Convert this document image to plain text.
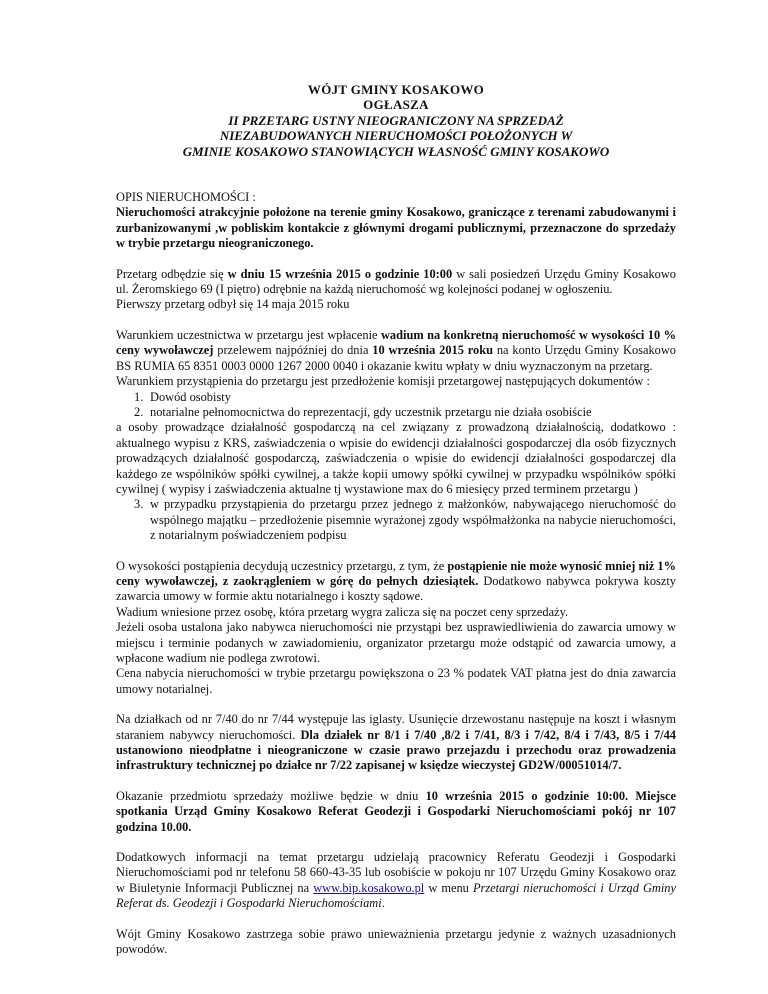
WÓJT GMINY KOSAKOWO
OGŁASZA
II PRZETARG USTNY NIEOGRANICZONY NA SPRZEDAŻ
NIEZABUDOWANYCH NIERUCHOMOŚCI POŁOŻONYCH W
GMINIE KOSAKOWO STANOWIĄCYCH WŁASNOŚĆ GMINY KOSAKOWO

OPIS NIERUCHOMOŚCI :
Nieruchomości atrakcyjnie położone na terenie gminy Kosakowo, graniczące z terenami zabudowanymi i zurbanizowanymi ,w pobliskim kontakcie z głównymi drogami publicznymi, przeznaczone do sprzedaży w trybie przetargu nieograniczonego.

Przetarg odbędzie się w dniu 15 września 2015 o godzinie 10:00 w sali posiedzeń Urzędu Gminy Kosakowo ul. Żeromskiego 69 (I piętro) odrębnie na każdą nieruchomość wg kolejności podanej w ogłoszeniu.
Pierwszy przetarg odbył się 14 maja 2015 roku

Warunkiem uczestnictwa w przetargu jest wpłacenie wadium na konkretną nieruchomość w wysokości 10 % ceny wywoławczej przelewem najpóźniej do dnia 10 września 2015 roku na konto Urzędu Gminy Kosakowo BS RUMIA 65 8351 0003 0000 1267 2000 0040 i okazanie kwitu wpłaty w dniu wyznaczonym na przetarg.
Warunkiem przystąpienia do przetargu jest przedłożenie komisji przetargowej następujących dokumentów :
1. Dowód osobisty
2. notarialne pełnomocnictwa do reprezentacji, gdy uczestnik przetargu nie działa osobiście
a osoby prowadzące działalność gospodarczą na cel związany z prowadzoną działalnością, dodatkowo : aktualnego wypisu z KRS, zaświadczenia o wpisie do ewidencji działalności gospodarczej dla osób fizycznych prowadzących działalność gospodarczą, zaświadczenia o wpisie do ewidencji działalności gospodarczej dla każdego ze wspólników spółki cywilnej, a także kopii umowy spółki cywilnej w przypadku wspólników spółki cywilnej ( wypisy i zaświadczenia aktualne tj wystawione max do 6 miesięcy przed terminem przetargu )
3. w przypadku przystąpienia do przetargu przez jednego z małżonków, nabywającego nieruchomość do wspólnego majątku – przedłożenie pisemnie wyrażonej zgody współmałżonka na nabycie nieruchomości, z notarialnym poświadczeniem podpisu

O wysokości postąpienia decydują uczestnicy przetargu, z tym, że postąpienie nie może wynosić mniej niż 1% ceny wywoławczej, z zaokrągleniem w górę do pełnych dziesiątek. Dodatkowo nabywca pokrywa koszty zawarcia umowy w formie aktu notarialnego i koszty sądowe.
Wadium wniesione przez osobę, która przetarg wygra zalicza się na poczet ceny sprzedaży.
Jeżeli osoba ustalona jako nabywca nieruchomości nie przystąpi bez usprawiedliwienia do zawarcia umowy w miejscu i terminie podanych w zawiadomieniu, organizator przetargu może odstąpić od zawarcia umowy, a wpłacone wadium nie podlega zwrotowi.
Cena nabycia nieruchomości w trybie przetargu powiększona o 23 % podatek VAT płatna jest do dnia zawarcia umowy notarialnej.

Na działkach od nr 7/40 do nr 7/44 występuje las iglasty. Usunięcie drzewostanu następuje na koszt i własnym staraniem nabywcy nieruchomości. Dla działek nr 8/1 i 7/40 ,8/2 i 7/41, 8/3 i 7/42, 8/4 i 7/43, 8/5 i 7/44 ustanowiono nieodpłatne i nieograniczone w czasie prawo przejazdu i przechodu oraz prowadzenia infrastruktury technicznej po działce nr 7/22 zapisanej w księdze wieczystej GD2W/00051014/7.

Okazanie przedmiotu sprzedaży możliwe będzie w dniu 10 września 2015 o godzinie 10:00. Miejsce spotkania Urząd Gminy Kosakowo Referat Geodezji i Gospodarki Nieruchomościami pokój nr 107 godzina 10.00.

Dodatkowych informacji na temat przetargu udzielają pracownicy Referatu Geodezji i Gospodarki Nieruchomościami pod nr telefonu 58 660-43-35 lub osobiście w pokoju nr 107 Urzędu Gminy Kosakowo oraz w Biuletynie Informacji Publicznej na www.bip.kosakowo.pl w menu Przetargi nieruchomości i Urząd Gminy Referat ds. Geodezji i Gospodarki Nieruchomościami.

Wójt Gminy Kosakowo zastrzega sobie prawo unieważnienia przetargu jedynie z ważnych uzasadnionych powodów.
